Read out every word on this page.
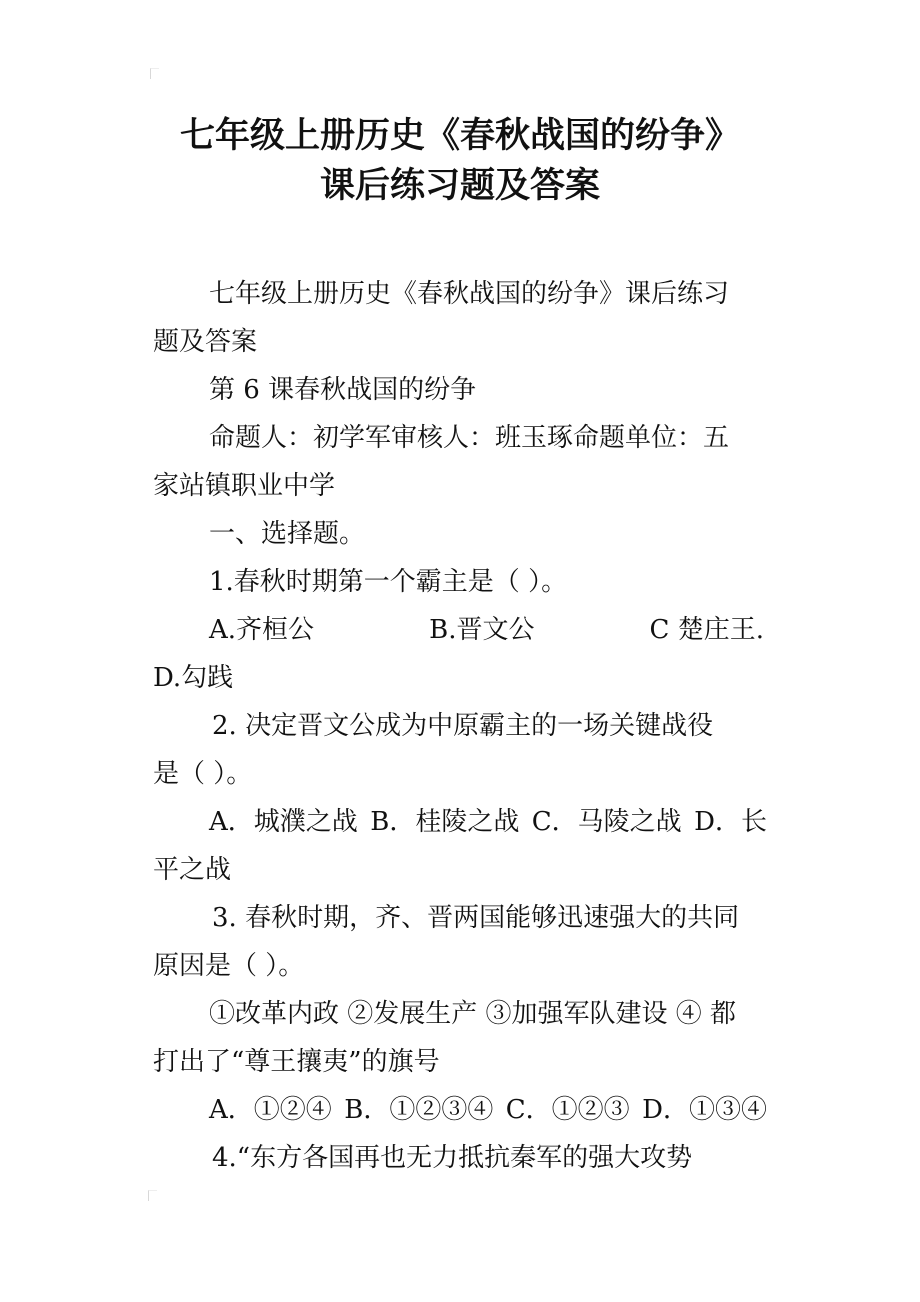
七年级上册历史《春秋战国的纷争》
课后练习题及答案

七年级上册历史《春秋战国的纷争》课后练习

题及答案

第 6 课春秋战国的纷争

命题人：初学军审核人：班玉琢命题单位：五

家站镇职业中学

一、选择题。

1.春秋时期第一个霸主是（ ）。

A.齐桓公	B.晋文公	C 楚庄王.

D.勾践

2. 决定晋文公成为中原霸主的一场关键战役

是（ ）。

A．城濮之战 B．桂陵之战 C．马陵之战 D．长

平之战

3. 春秋时期，齐、晋两国能够迅速强大的共同

原因是（ ）。

①改革内政 ②发展生产 ③加强军队建设 ④ 都

打出了“尊王攘夷”的旗号

A．①②④ B．①②③④ C．①②③ D．①③④

4.“东方各国再也无力抵抗秦军的强大攻势
